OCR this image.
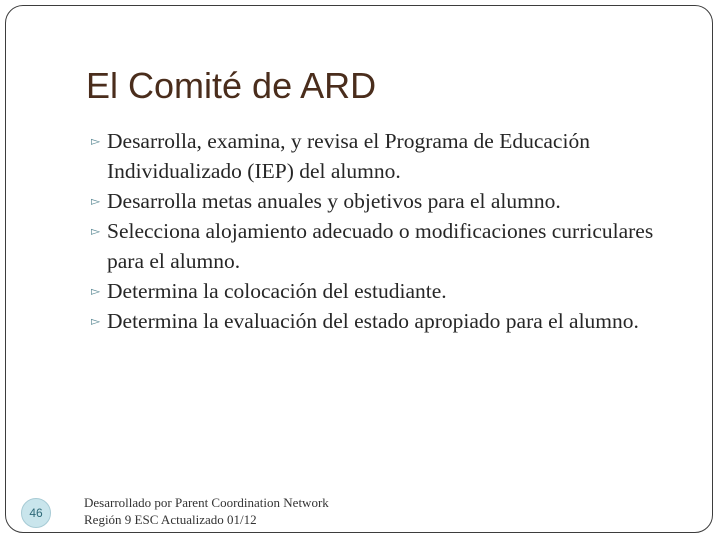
El Comité de ARD
▻ Desarrolla, examina, y revisa el Programa de Educación Individualizado (IEP) del alumno.
▻ Desarrolla metas anuales y objetivos para el alumno.
▻ Selecciona alojamiento adecuado o modificaciones curriculares para el alumno.
▻ Determina la colocación del estudiante.
▻ Determina la evaluación del estado apropiado para el alumno.
46
Desarrollado por Parent Coordination Network
Región 9 ESC Actualizado 01/12
